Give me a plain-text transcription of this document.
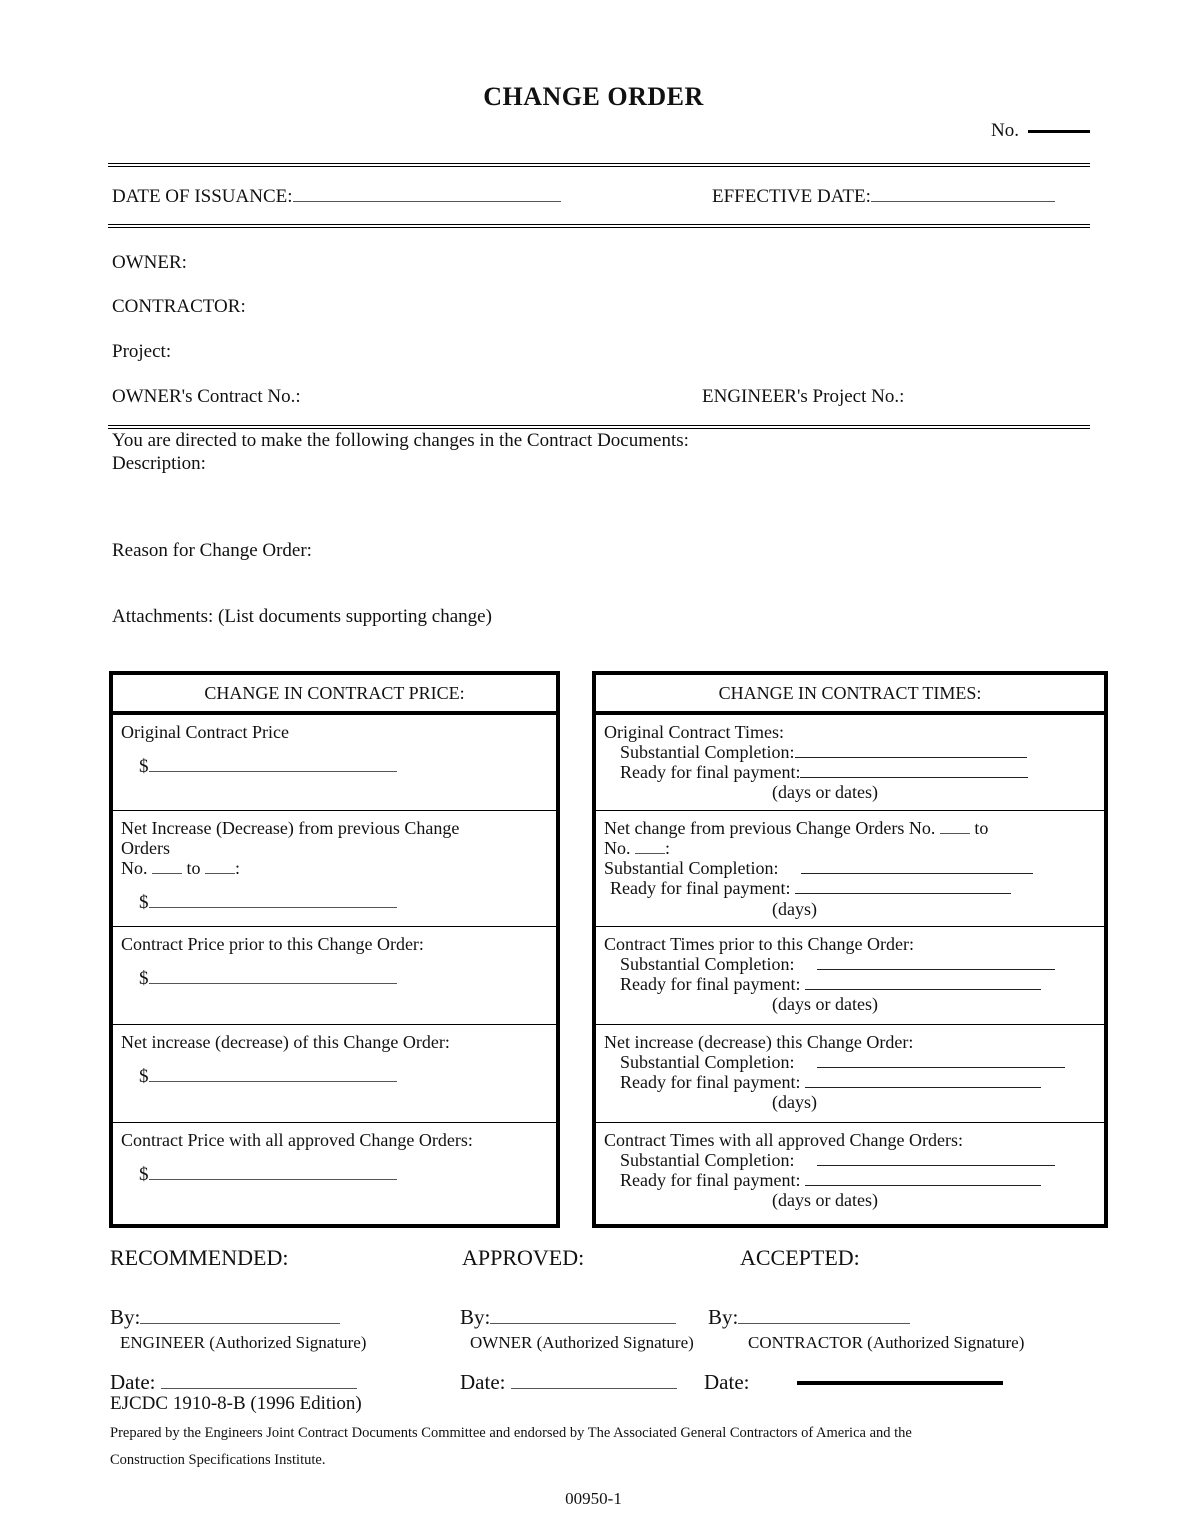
CHANGE ORDER
No.
DATE OF ISSUANCE:	EFFECTIVE DATE:
OWNER:
CONTRACTOR:
Project:
OWNER's Contract No.:	ENGINEER's Project No.:
You are directed to make the following changes in the Contract Documents:
Description:
Reason for Change Order:
Attachments: (List documents supporting change)
CHANGE IN CONTRACT PRICE:
Original Contract Price
$
Net Increase (Decrease) from previous Change
Orders
No. to :
$
Contract Price prior to this Change Order:
$
Net increase (decrease) of this Change Order:
$
Contract Price with all approved Change Orders:
$
CHANGE IN CONTRACT TIMES:
Original Contract Times:
Substantial Completion:
Ready for final payment:
(days or dates)
Net change from previous Change Orders No. to
No. :
Substantial Completion:
Ready for final payment:
(days)
Contract Times prior to this Change Order:
Substantial Completion:
Ready for final payment:
(days or dates)
Net increase (decrease) this Change Order:
Substantial Completion:
Ready for final payment:
(days)
Contract Times with all approved Change Orders:
Substantial Completion:
Ready for final payment:
(days or dates)
RECOMMENDED:	APPROVED:	ACCEPTED:
By:	By:	By:
ENGINEER (Authorized Signature)	OWNER (Authorized Signature)	CONTRACTOR (Authorized Signature)
Date:	Date:	Date:
EJCDC 1910-8-B (1996 Edition)
Prepared by the Engineers Joint Contract Documents Committee and endorsed by The Associated General Contractors of America and the Construction Specifications Institute.
00950-1
